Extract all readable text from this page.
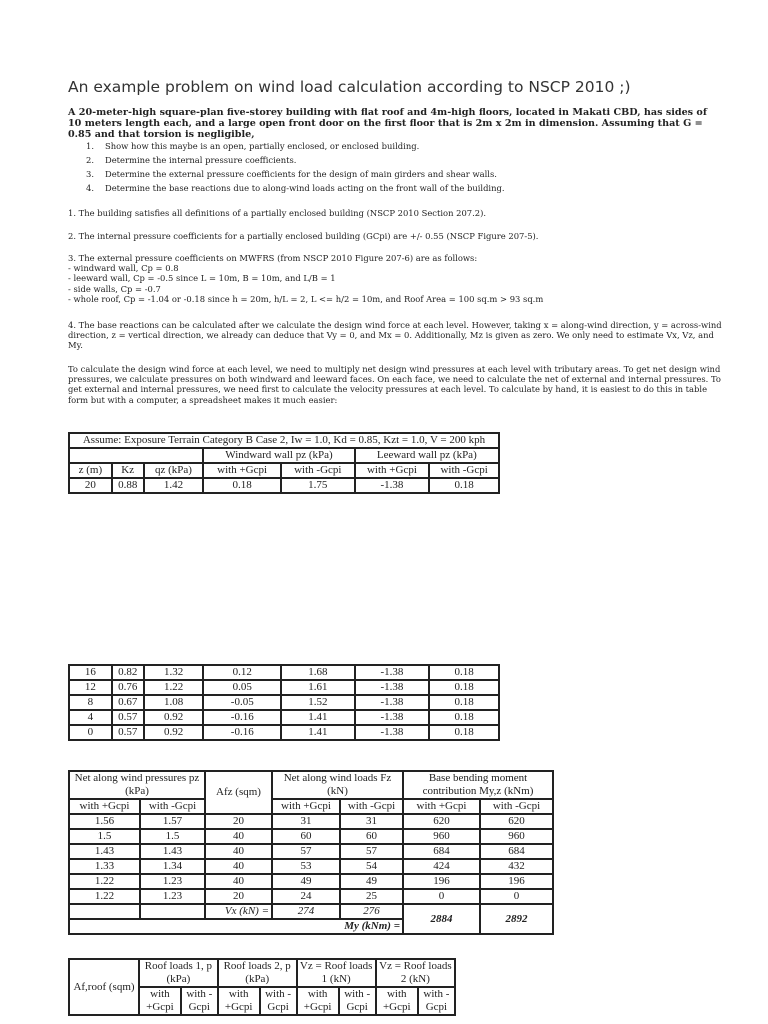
An example problem on wind load calculation according to NSCP 2010 ;)
A 20-meter-high square-plan five-storey building with flat roof and 4m-high floors, located in Makati CBD, has sides of 10 meters length each, and a large open front door on the first floor that is 2m x 2m in dimension. Assuming that G = 0.85 and that torsion is negligible,
1.	Show how this maybe is an open, partially enclosed, or enclosed building.
2.	Determine the internal pressure coefficients.
3.	Determine the external pressure coefficients for the design of main girders and shear walls.
4.	Determine the base reactions due to along-wind loads acting on the front wall of the building.
1. The building satisfies all definitions of a partially enclosed building (NSCP 2010 Section 207.2).
2. The internal pressure coefficients for a partially enclosed building (GCpi) are +/- 0.55 (NSCP Figure 207-5).
3. The external pressure coefficients on MWFRS (from NSCP 2010 Figure 207-6) are as follows:
- windward wall, Cp = 0.8
- leeward wall, Cp = -0.5 since L = 10m, B = 10m, and L/B = 1
- side walls, Cp = -0.7
- whole roof, Cp = -1.04 or -0.18 since h = 20m, h/L = 2, L <= h/2 = 10m, and Roof Area = 100 sq.m > 93 sq.m
4. The base reactions can be calculated after we calculate the design wind force at each level. However, taking x = along-wind direction, y = across-wind direction, z = vertical direction, we already can deduce that Vy = 0, and Mx = 0. Additionally, Mz is given as zero. We only need to estimate Vx, Vz, and My.
To calculate the design wind force at each level, we need to multiply net design wind pressures at each level with tributary areas. To get net design wind pressures, we calculate pressures on both windward and leeward faces. On each face, we need to calculate the net of external and internal pressures. To get external and internal pressures, we need first to calculate the velocity pressures at each level. To calculate by hand, it is easiest to do this in table form but with a computer, a spreadsheet makes it much easier:
Assume: Exposure Terrain Category B Case 2, Iw = 1.0, Kd = 0.85, Kzt = 1.0, V = 200 kph						
			Windward wall pz (kPa)		Leeward wall pz (kPa)	
z (m)	Kz	qz (kPa)	with +Gcpi	with -Gcpi	with +Gcpi	with -Gcpi
20	0.88	1.42	0.18	1.75	-1.38	0.18
16	0.82	1.32	0.12	1.68	-1.38	0.18
12	0.76	1.22	0.05	1.61	-1.38	0.18
8	0.67	1.08	-0.05	1.52	-1.38	0.18
4	0.57	0.92	-0.16	1.41	-1.38	0.18
0	0.57	0.92	-0.16	1.41	-1.38	0.18
Net along wind pressures pz (kPa)		Afz (sqm)	Net along wind loads Fz (kN)		Base bending moment contribution My,z (kNm)	
with +Gcpi	with -Gcpi		with +Gcpi	with -Gcpi	with +Gcpi	with -Gcpi
1.56	1.57	20	31	31	620	620
1.5	1.5	40	60	60	960	960
1.43	1.43	40	57	57	684	684
1.33	1.34	40	53	54	424	432
1.22	1.23	40	49	49	196	196
1.22	1.23	20	24	25	0	0
		Vx (kN) =	274	276	2884	2892
My (kNm) =						
Af,roof (sqm)	Roof loads 1, p (kPa)		Roof loads 2, p (kPa)		Vz = Roof loads 1 (kN)		Vz = Roof loads 2 (kN)	
	with +Gcpi	with -Gcpi	with +Gcpi	with -Gcpi	with +Gcpi	with -Gcpi	with +Gcpi	with -Gcpi
